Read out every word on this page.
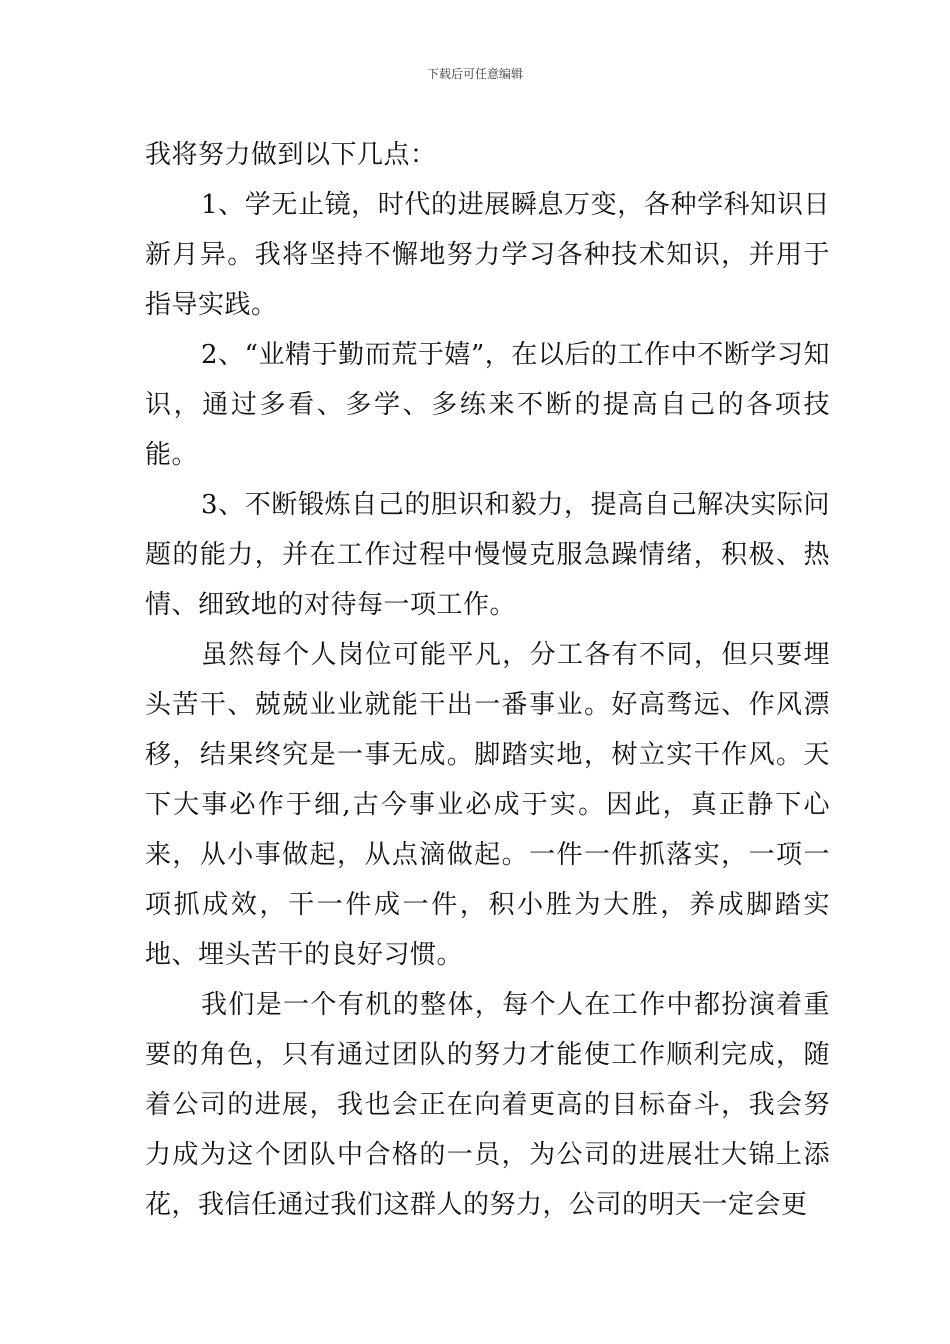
下载后可任意编辑

我将努力做到以下几点：

1、学无止镜，时代的进展瞬息万变，各种学科知识日新月异。我将坚持不懈地努力学习各种技术知识，并用于指导实践。

2、“业精于勤而荒于嬉”，在以后的工作中不断学习知识，通过多看、多学、多练来不断的提高自己的各项技能。

3、不断锻炼自己的胆识和毅力，提高自己解决实际问题的能力，并在工作过程中慢慢克服急躁情绪，积极、热情、细致地的对待每一项工作。

虽然每个人岗位可能平凡，分工各有不同，但只要埋头苦干、兢兢业业就能干出一番事业。好高骛远、作风漂移，结果终究是一事无成。脚踏实地，树立实干作风。天下大事必作于细,古今事业必成于实。因此，真正静下心来，从小事做起，从点滴做起。一件一件抓落实，一项一项抓成效，干一件成一件，积小胜为大胜，养成脚踏实地、埋头苦干的良好习惯。

我们是一个有机的整体，每个人在工作中都扮演着重要的角色，只有通过团队的努力才能使工作顺利完成，随着公司的进展，我也会正在向着更高的目标奋斗，我会努力成为这个团队中合格的一员，为公司的进展壮大锦上添花，我信任通过我们这群人的努力，公司的明天一定会更
